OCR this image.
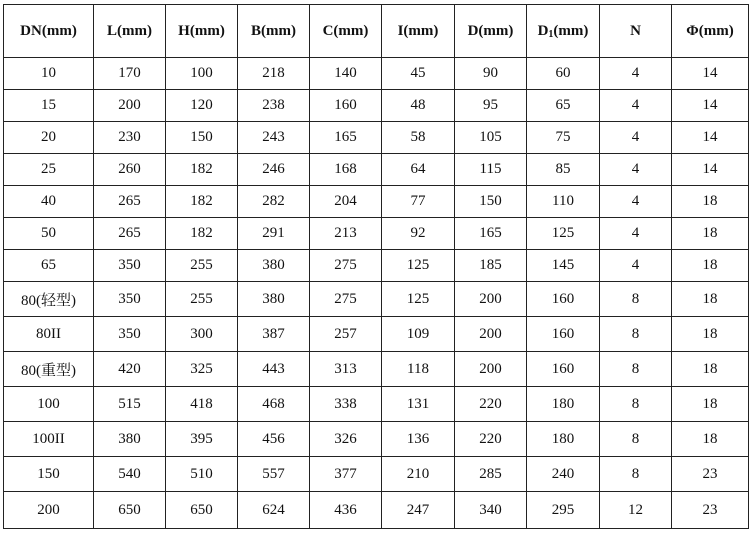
DN(mm)	L(mm)	H(mm)	B(mm)	C(mm)	I(mm)	D(mm)	$D_1(mm)$	N	Φ(mm)
10	170	100	218	140	45	90	60	4	14
15	200	120	238	160	48	95	65	4	14
20	230	150	243	165	58	105	75	4	14
25	260	182	246	168	64	115	85	4	14
40	265	182	282	204	77	150	110	4	18
50	265	182	291	213	92	165	125	4	18
65	350	255	380	275	125	185	145	4	18
80(轻型)	350	255	380	275	125	200	160	8	18
80II	350	300	387	257	109	200	160	8	18
80(重型)	420	325	443	313	118	200	160	8	18
100	515	418	468	338	131	220	180	8	18
100II	380	395	456	326	136	220	180	8	18
150	540	510	557	377	210	285	240	8	23
200	650	650	624	436	247	340	295	12	23
